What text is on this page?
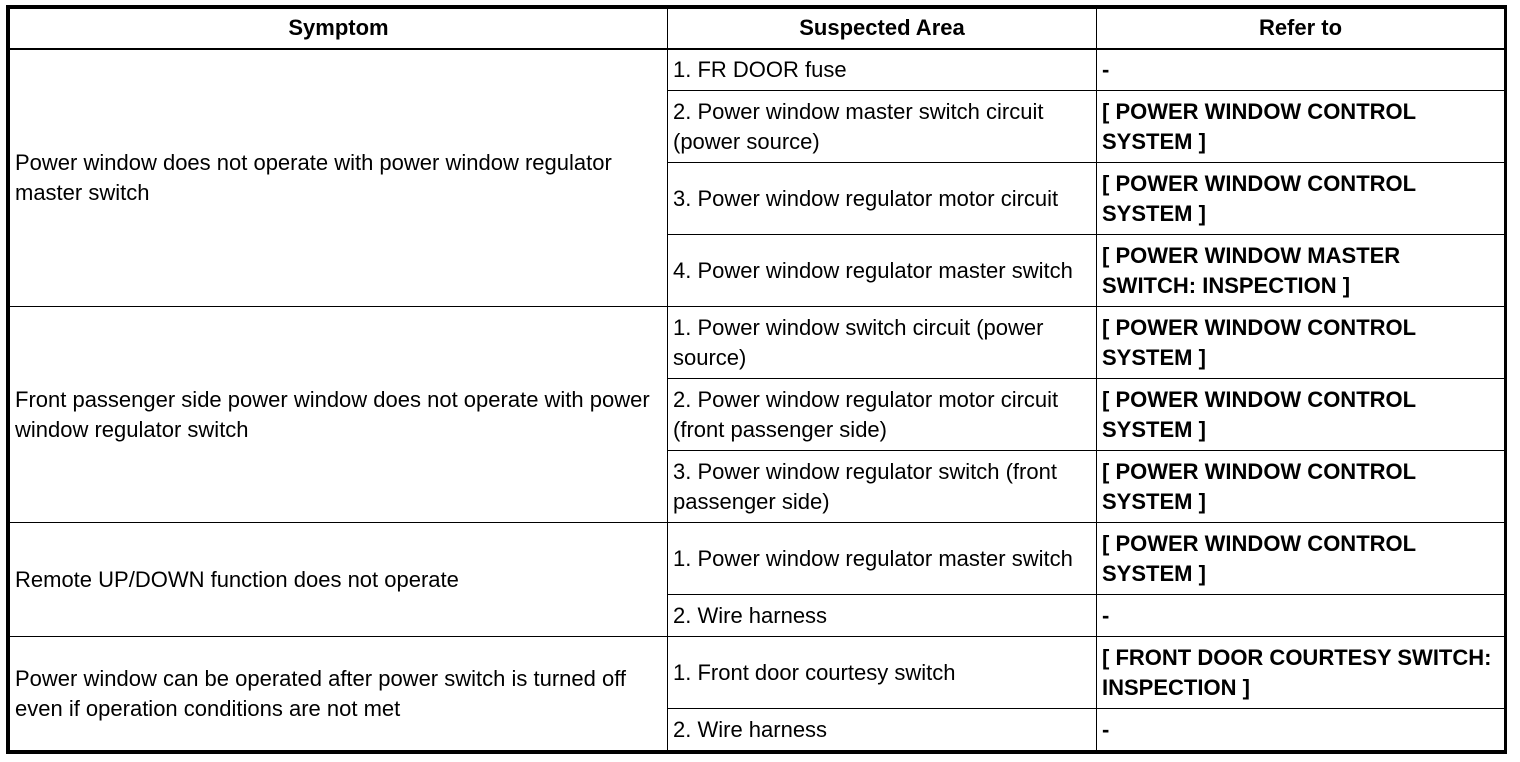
Symptom	Suspected Area	Refer to
Power window does not operate with power window regulator master switch	1. FR DOOR fuse	-
	2. Power window master switch circuit (power source)	[ POWER WINDOW CONTROL SYSTEM ]
	3. Power window regulator motor circuit	[ POWER WINDOW CONTROL SYSTEM ]
	4. Power window regulator master switch	[ POWER WINDOW MASTER SWITCH: INSPECTION ]
Front passenger side power window does not operate with power window regulator switch	1. Power window switch circuit (power source)	[ POWER WINDOW CONTROL SYSTEM ]
	2. Power window regulator motor circuit (front passenger side)	[ POWER WINDOW CONTROL SYSTEM ]
	3. Power window regulator switch (front passenger side)	[ POWER WINDOW CONTROL SYSTEM ]
Remote UP/DOWN function does not operate	1. Power window regulator master switch	[ POWER WINDOW CONTROL SYSTEM ]
	2. Wire harness	-
Power window can be operated after power switch is turned off even if operation conditions are not met	1. Front door courtesy switch	[ FRONT DOOR COURTESY SWITCH: INSPECTION ]
	2. Wire harness	-
